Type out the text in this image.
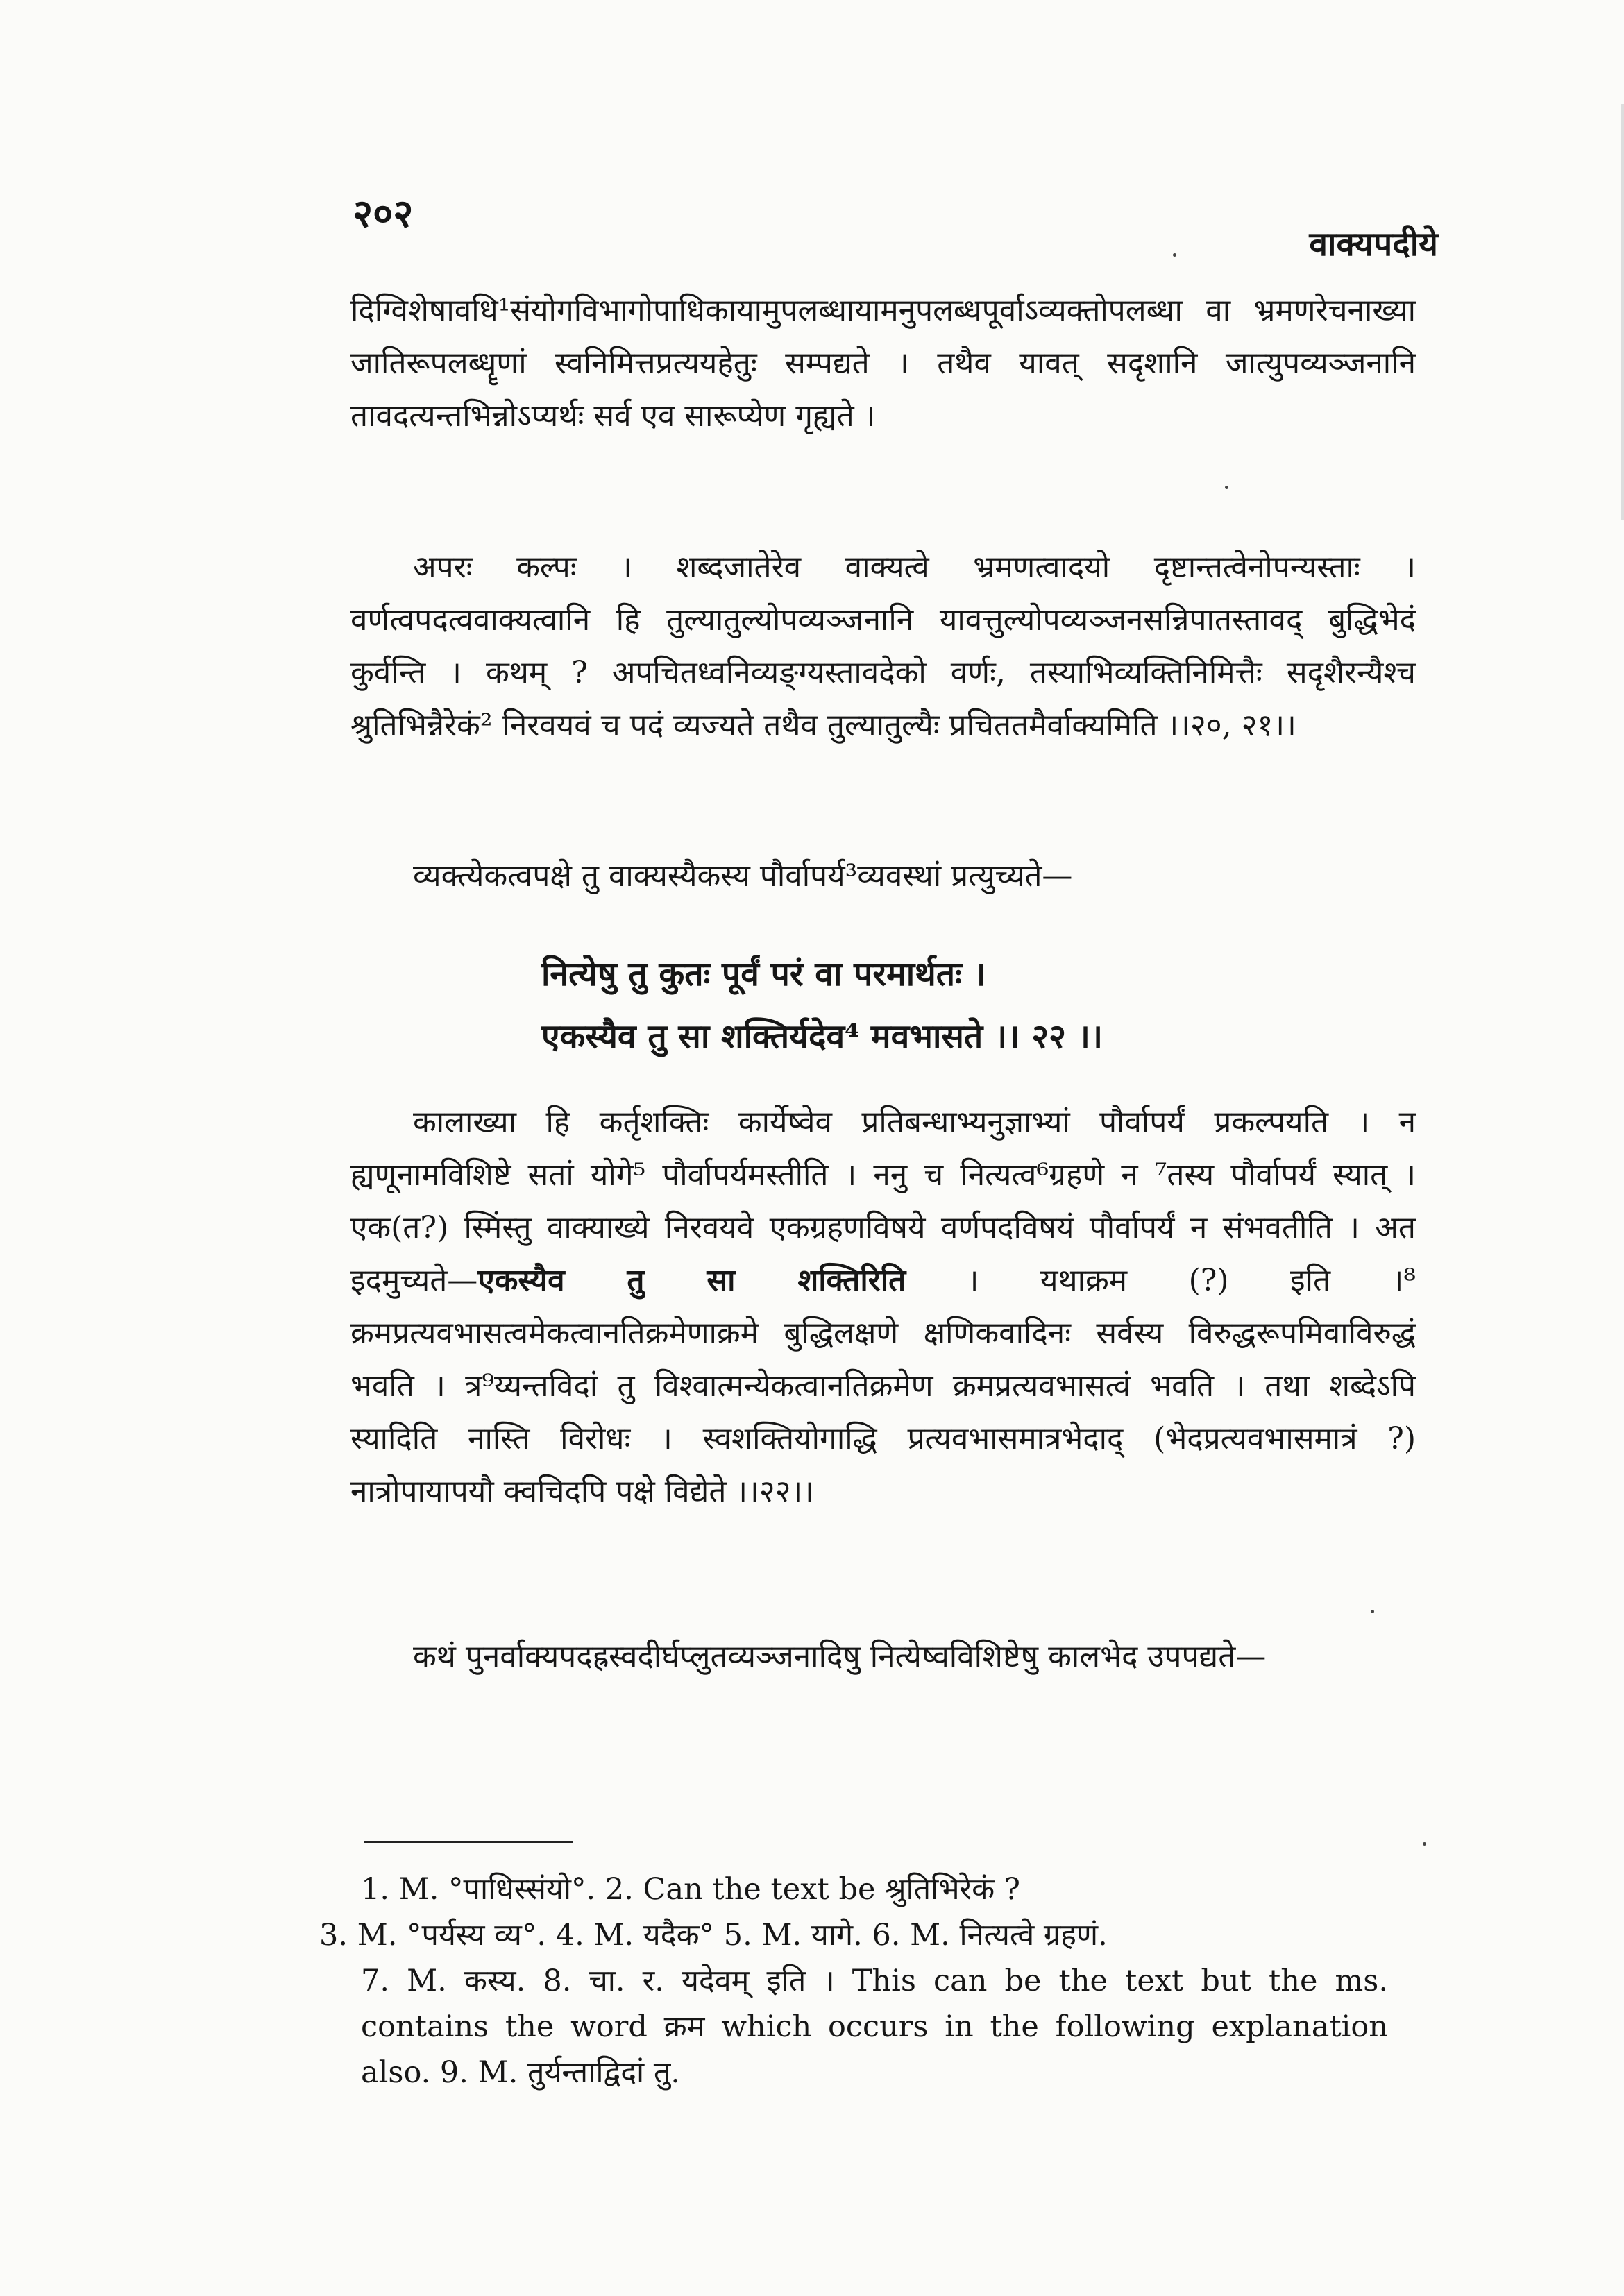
२०२
वाक्यपदीये
दिग्विशेषावधि¹संयोगविभागोपाधिकायामुपलब्धायामनुपलब्धपूर्वाऽव्यक्तोपलब्धा वा भ्रमणरेचनाख्या जातिरूपलब्धॄणां स्वनिमित्तप्रत्ययहेतुः सम्पद्यते । तथैव यावत् सदृशानि जात्युपव्यञ्जनानि तावदत्यन्तभिन्नोऽप्यर्थः सर्व एव सारूप्येण गृह्यते ।
अपरः कल्पः । शब्दजातेरेव वाक्यत्वे भ्रमणत्वादयो दृष्टान्तत्वेनोपन्यस्ताः । वर्णत्वपदत्ववाक्यत्वानि हि तुल्यातुल्योपव्यञ्जनानि यावत्तुल्योपव्यञ्जनसन्निपातस्तावद् बुद्धिभेदं कुर्वन्ति । कथम् ? अपचितध्वनिव्यङ्ग्यस्तावदेको वर्णः, तस्याभिव्यक्तिनिमित्तैः सदृशैरन्यैश्च श्रुतिभिन्नैरेकं² निरवयवं च पदं व्यज्यते तथैव तुल्यातुल्यैः प्रचिततमैर्वाक्यमिति ।।२०, २१।।
व्यक्त्येकत्वपक्षे तु वाक्यस्यैकस्य पौर्वापर्य³व्यवस्थां प्रत्युच्यते—
नित्येषु तु कुतः पूर्वं परं वा परमार्थतः ।
एकस्यैव तु सा शक्तिर्यदेव⁴ मवभासते ।। २२ ।।
कालाख्या हि कर्तृशक्तिः कार्येष्वेव प्रतिबन्धाभ्यनुज्ञाभ्यां पौर्वापर्यं प्रकल्पयति । न ह्यणूनामविशिष्टे सतां योगे⁵ पौर्वापर्यमस्तीति । ननु च नित्यत्व⁶ग्रहणे न ⁷तस्य पौर्वापर्यं स्यात् । एक(त?) स्मिंस्तु वाक्याख्ये निरवयवे एकग्रहणविषये वर्णपदविषयं पौर्वापर्यं न संभवतीति । अत इदमुच्यते—एकस्यैव तु सा शक्तिरिति । यथाक्रम (?) इति ।⁸ क्रमप्रत्यवभासत्वमेकत्वानतिक्रमेणाक्रमे बुद्धिलक्षणे क्षणिकवादिनः सर्वस्य विरुद्धरूपमिवाविरुद्धं भवति । त्र⁹य्यन्तविदां तु विश्वात्मन्येकत्वानतिक्रमेण क्रमप्रत्यवभासत्वं भवति । तथा शब्देऽपि स्यादिति नास्ति विरोधः । स्वशक्तियोगाद्धि प्रत्यवभासमात्रभेदाद् (भेदप्रत्यवभासमात्रं ?) नात्रोपायापयौ क्वचिदपि पक्षे विद्येते ।।२२।।
कथं पुनर्वाक्यपदह्रस्वदीर्घप्लुतव्यञ्जनादिषु नित्येष्वविशिष्टेषु कालभेद उपपद्यते—
1. M. °पाधिस्संयो°. 2. Can the text be श्रुतिभिरेकं ?
3. M. °पर्यस्य व्य°. 4. M. यदैक° 5. M. यागे. 6. M. नित्यत्वे ग्रहणं.
7. M. कस्य. 8. चा. र. यदेवम् इति । This can be the text but the ms. contains the word क्रम which occurs in the following explanation also. 9. M. तुर्यन्ताद्विदां तु.
